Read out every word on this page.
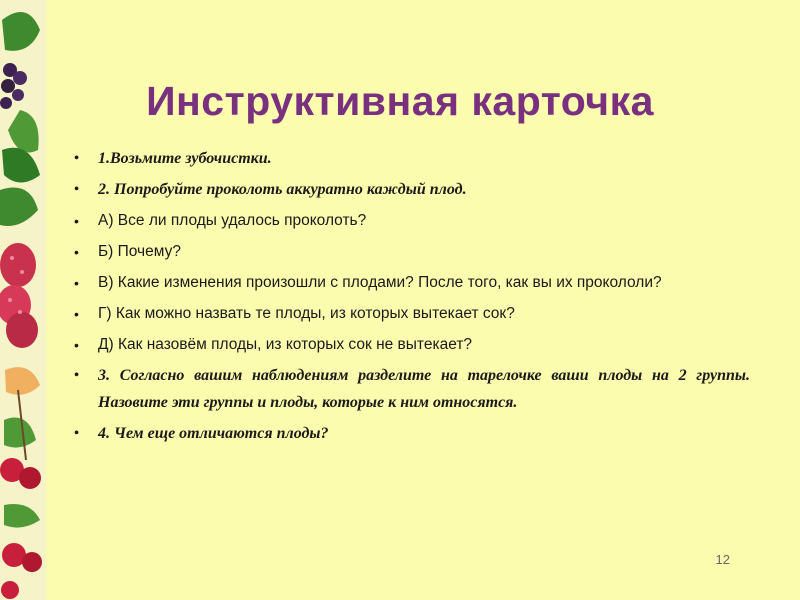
Инструктивная карточка
• 1.Возьмите зубочистки.
• 2. Попробуйте проколоть аккуратно каждый плод.
• А) Все ли плоды удалось проколоть?
• Б) Почему?
• В) Какие изменения произошли с плодами? После того, как вы их прокололи?
• Г) Как можно назвать те плоды, из которых вытекает сок?
• Д) Как назовём плоды, из которых сок не вытекает?
• 3. Согласно вашим наблюдениям разделите на тарелочке ваши плоды на 2 группы. Назовите эти группы и плоды, которые к ним относятся.
• 4. Чем еще отличаются плоды?
12
